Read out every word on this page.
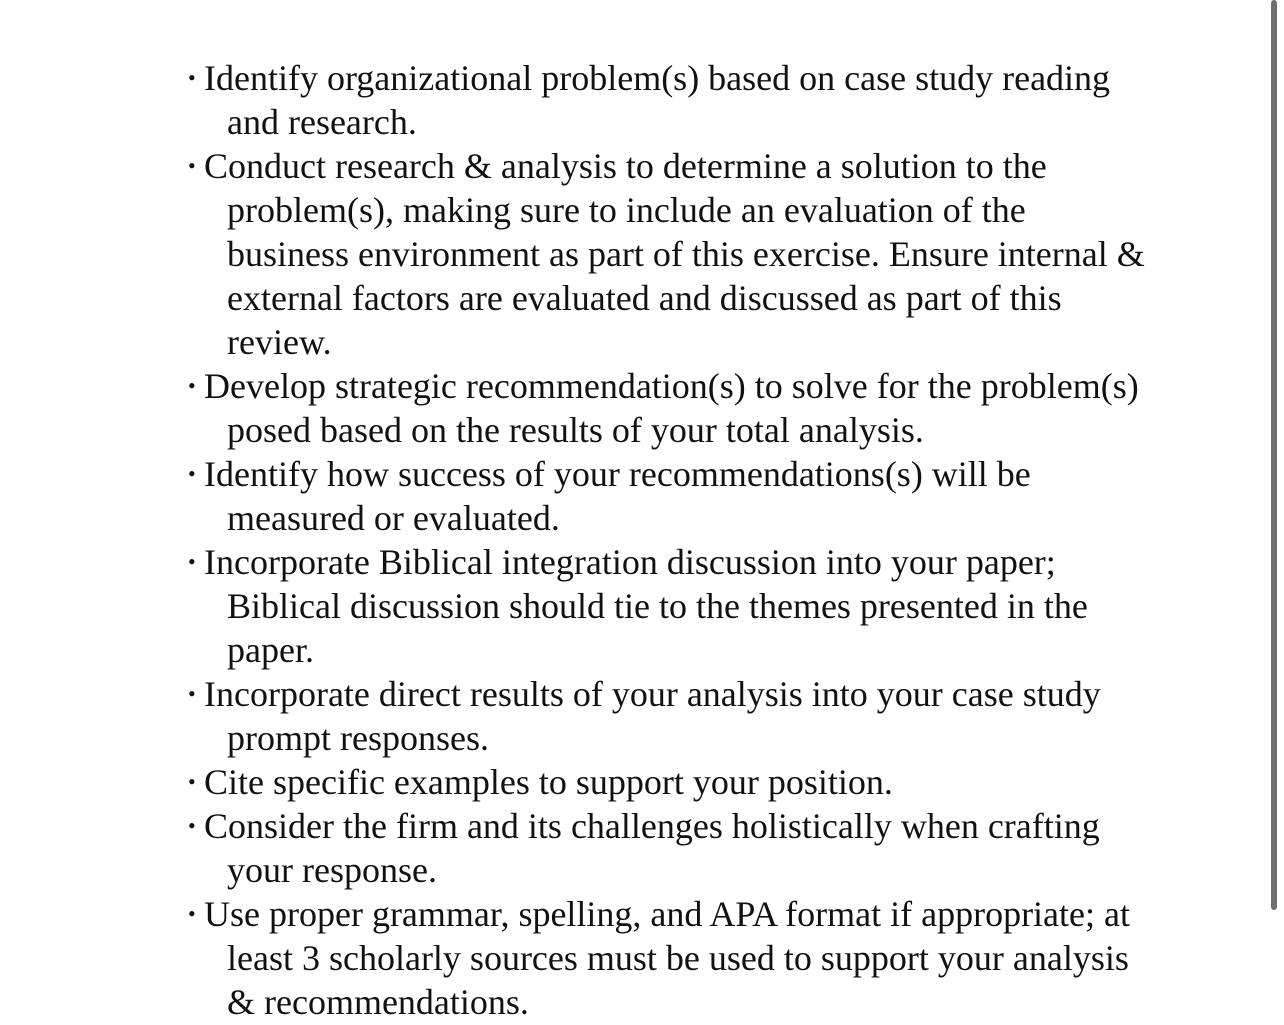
• Identify organizational problem(s) based on case study reading and research.
• Conduct research & analysis to determine a solution to the problem(s), making sure to include an evaluation of the business environment as part of this exercise. Ensure internal & external factors are evaluated and discussed as part of this review.
• Develop strategic recommendation(s) to solve for the problem(s) posed based on the results of your total analysis.
• Identify how success of your recommendations(s) will be measured or evaluated.
• Incorporate Biblical integration discussion into your paper; Biblical discussion should tie to the themes presented in the paper.
• Incorporate direct results of your analysis into your case study prompt responses.
• Cite specific examples to support your position.
• Consider the firm and its challenges holistically when crafting your response.
• Use proper grammar, spelling, and APA format if appropriate; at least 3 scholarly sources must be used to support your analysis & recommendations.
